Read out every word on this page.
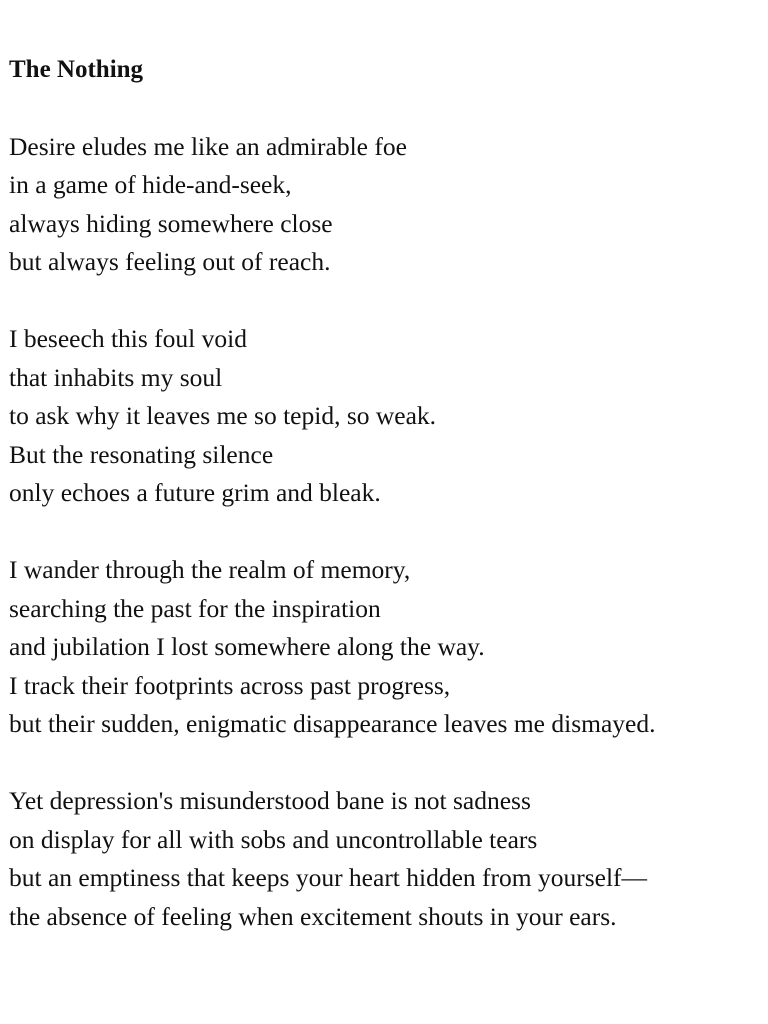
The Nothing
Desire eludes me like an admirable foe
in a game of hide-and-seek,
always hiding somewhere close
but always feeling out of reach.
I beseech this foul void
that inhabits my soul
to ask why it leaves me so tepid, so weak.
But the resonating silence
only echoes a future grim and bleak.
I wander through the realm of memory,
searching the past for the inspiration
and jubilation I lost somewhere along the way.
I track their footprints across past progress,
but their sudden, enigmatic disappearance leaves me dismayed.
Yet depression's misunderstood bane is not sadness
on display for all with sobs and uncontrollable tears
but an emptiness that keeps your heart hidden from yourself—
the absence of feeling when excitement shouts in your ears.
